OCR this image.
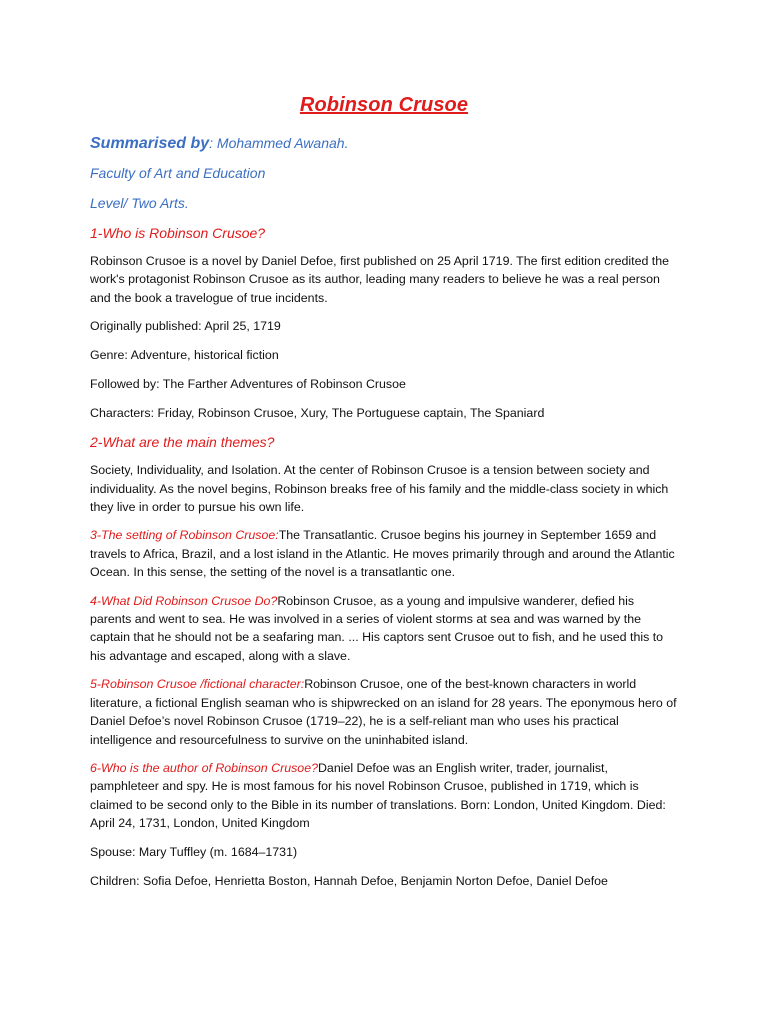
Robinson Crusoe

Summarised by: Mohammed Awanah.

Faculty of Art and Education

Level/ Two Arts.

1-Who is Robinson Crusoe?

Robinson Crusoe is a novel by Daniel Defoe, first published on 25 April 1719. The first edition credited the work's protagonist Robinson Crusoe as its author, leading many readers to believe he was a real person and the book a travelogue of true incidents.

Originally published: April 25, 1719

Genre: Adventure, historical fiction

Followed by: The Farther Adventures of Robinson Crusoe

Characters: Friday, Robinson Crusoe, Xury, The Portuguese captain, The Spaniard

2-What are the main themes?

Society, Individuality, and Isolation. At the center of Robinson Crusoe is a tension between society and individuality. As the novel begins, Robinson breaks free of his family and the middle-class society in which they live in order to pursue his own life.

3-The setting of Robinson Crusoe:The Transatlantic. Crusoe begins his journey in September 1659 and travels to Africa, Brazil, and a lost island in the Atlantic. He moves primarily through and around the Atlantic Ocean. In this sense, the setting of the novel is a transatlantic one.

4-What Did Robinson Crusoe Do?Robinson Crusoe, as a young and impulsive wanderer, defied his parents and went to sea. He was involved in a series of violent storms at sea and was warned by the captain that he should not be a seafaring man. ... His captors sent Crusoe out to fish, and he used this to his advantage and escaped, along with a slave.

5-Robinson Crusoe /fictional character:Robinson Crusoe, one of the best-known characters in world literature, a fictional English seaman who is shipwrecked on an island for 28 years. The eponymous hero of Daniel Defoe’s novel Robinson Crusoe (1719–22), he is a self-reliant man who uses his practical intelligence and resourcefulness to survive on the uninhabited island.

6-Who is the author of Robinson Crusoe?Daniel Defoe was an English writer, trader, journalist, pamphleteer and spy. He is most famous for his novel Robinson Crusoe, published in 1719, which is claimed to be second only to the Bible in its number of translations. Born: London, United Kingdom. Died: April 24, 1731, London, United Kingdom

Spouse: Mary Tuffley (m. 1684–1731)

Children: Sofia Defoe, Henrietta Boston, Hannah Defoe, Benjamin Norton Defoe, Daniel Defoe
